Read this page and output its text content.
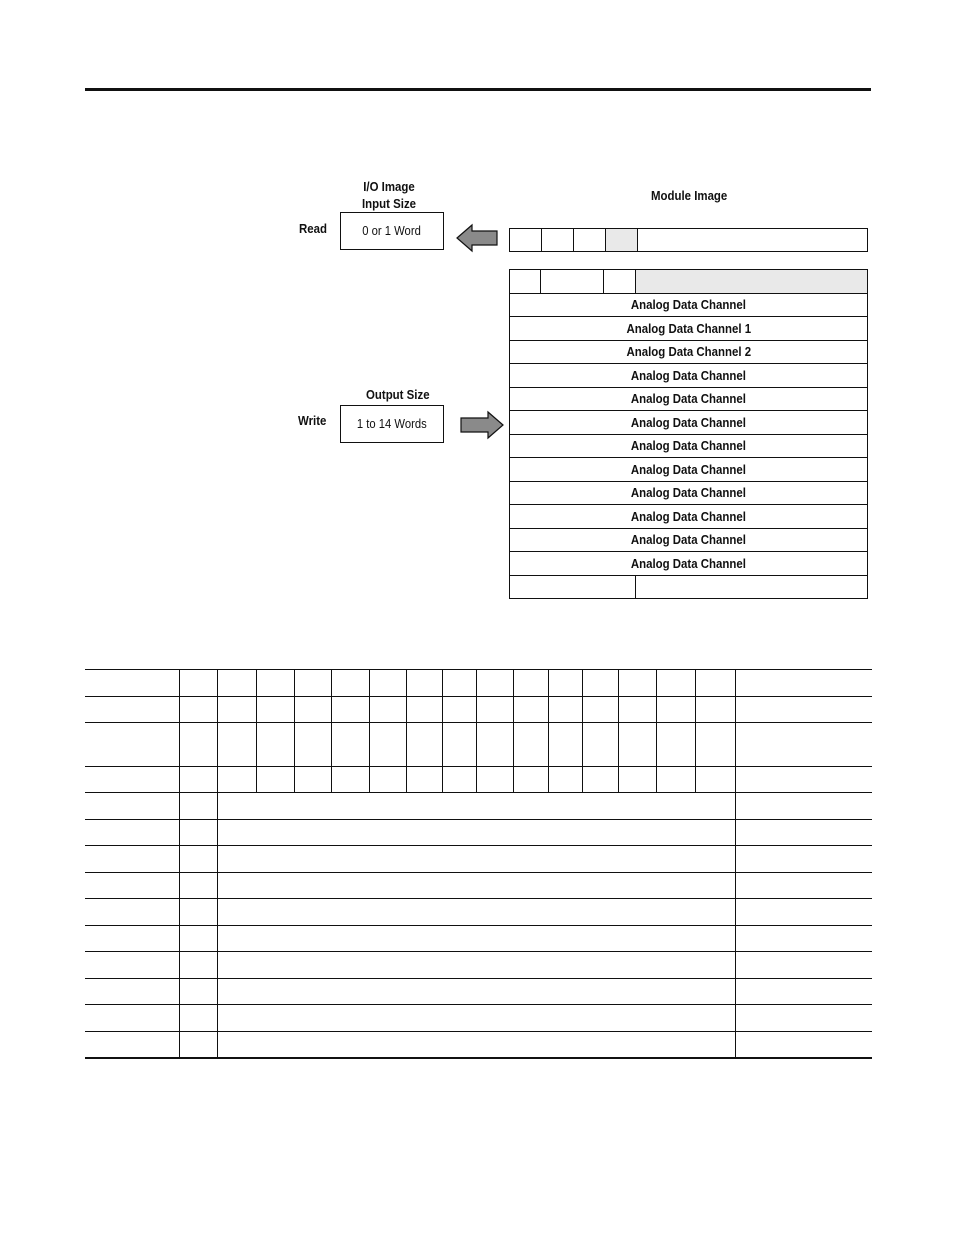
I/O Image
Input Size
Module Image
Read
Output Size
Write
0 or 1 Word
1 to 14 Words
Analog Data Channel
Analog Data Channel 1
Analog Data Channel 2
Analog Data Channel
Analog Data Channel
Analog Data Channel
Analog Data Channel
Analog Data Channel
Analog Data Channel
Analog Data Channel
Analog Data Channel
Analog Data Channel
